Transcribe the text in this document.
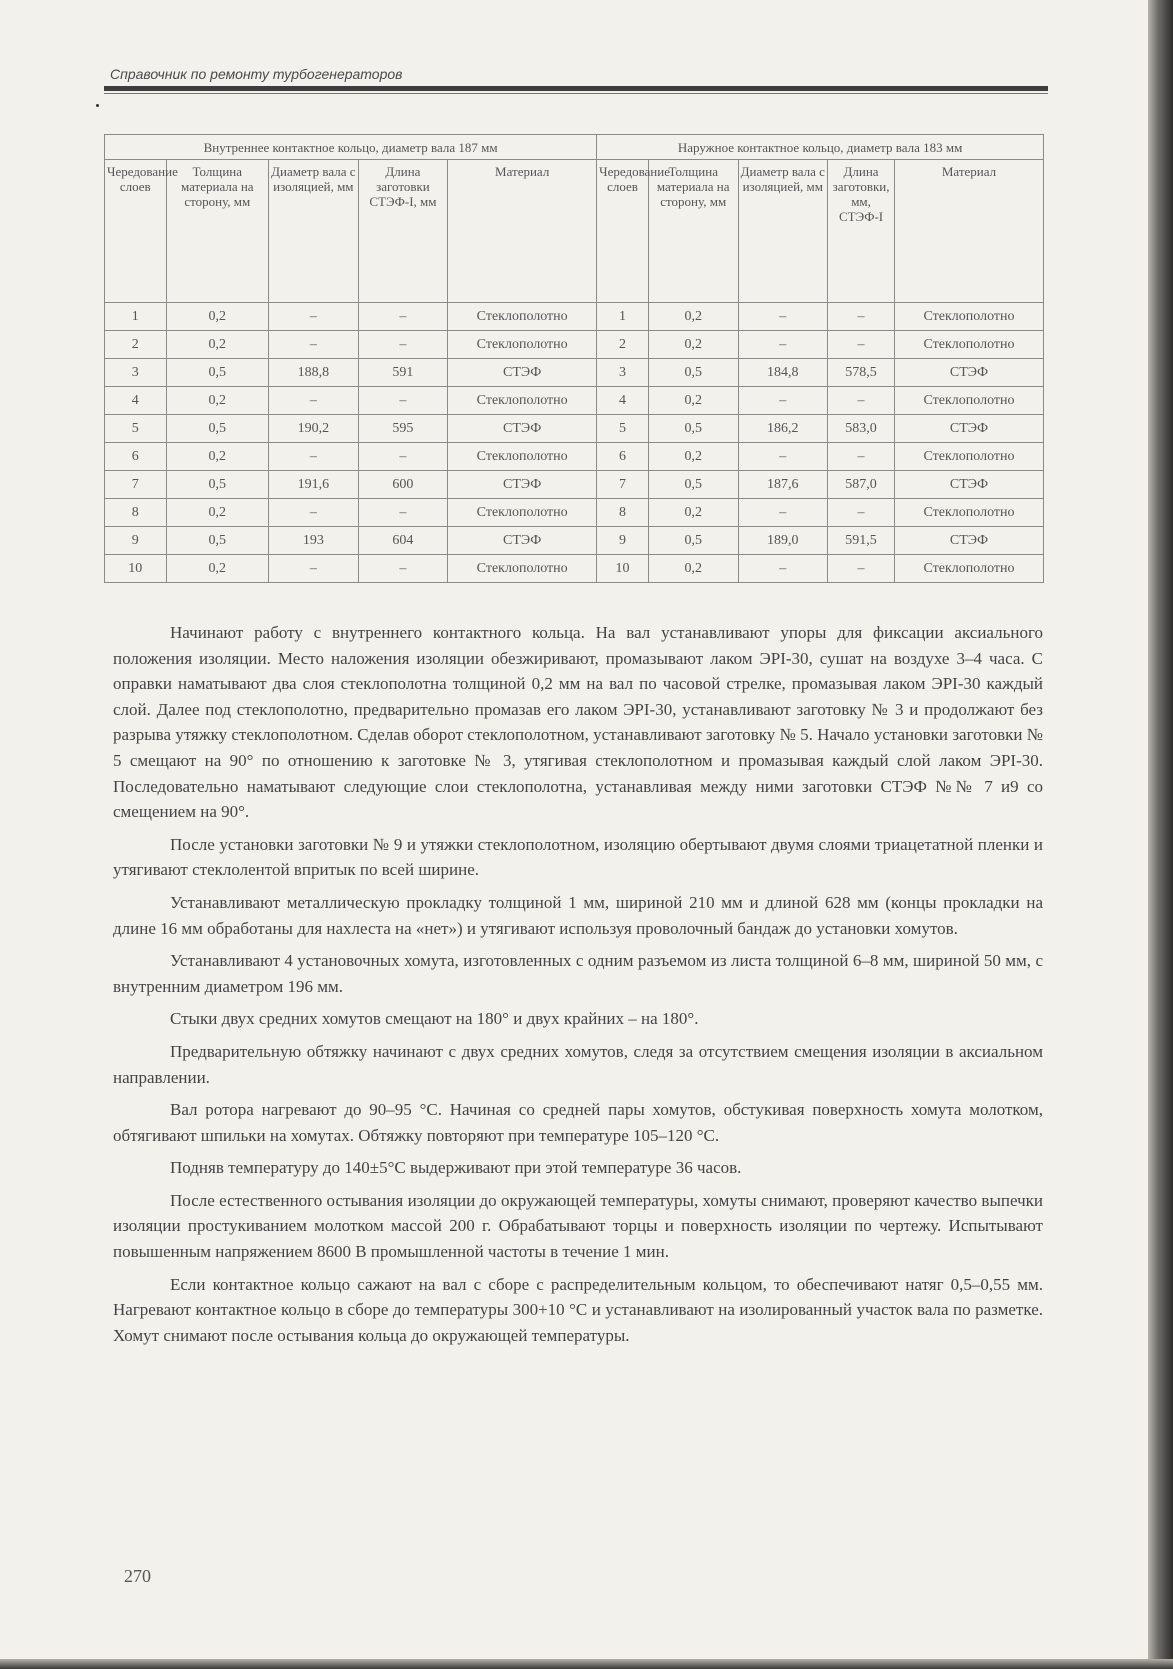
Справочник по ремонту турбогенераторов
Внутреннее контактное кольцо, диаметр вала 187 мм					Наружное контактное кольцо, диаметр вала 183 мм				
Чередование слоев	Толщина материала на сторону, мм	Диаметр вала с изоляцией, мм	Длина заготовки СТЭФ-I, мм	Материал	Чередование слоев	Толщина материала на сторону, мм	Диаметр вала с изоляцией, мм	Длина заготовки, мм, СТЭФ-I	Материал
1	0,2	–	–	Стеклополотно	1	0,2	–	–	Стеклополотно
2	0,2	–	–	Стеклополотно	2	0,2	–	–	Стеклополотно
3	0,5	188,8	591	СТЭФ	3	0,5	184,8	578,5	СТЭФ
4	0,2	–	–	Стеклополотно	4	0,2	–	–	Стеклополотно
5	0,5	190,2	595	СТЭФ	5	0,5	186,2	583,0	СТЭФ
6	0,2	–	–	Стеклополотно	6	0,2	–	–	Стеклополотно
7	0,5	191,6	600	СТЭФ	7	0,5	187,6	587,0	СТЭФ
8	0,2	–	–	Стеклополотно	8	0,2	–	–	Стеклополотно
9	0,5	193	604	СТЭФ	9	0,5	189,0	591,5	СТЭФ
10	0,2	–	–	Стеклополотно	10	0,2	–	–	Стеклополотно

Начинают работу с внутреннего контактного кольца. На вал устанавливают упоры для фиксации аксиального положения изоляции. Место наложения изоляции обезжиривают, промазывают лаком ЭРI-30, сушат на воздухе 3–4 часа. С оправки наматывают два слоя стеклополотна толщиной 0,2 мм на вал по часовой стрелке, промазывая лаком ЭРI-30 каждый слой. Далее под стеклополотно, предварительно промазав его лаком ЭРI-30, устанавливают заготовку № 3 и продолжают без разрыва утяжку стеклополотном. Сделав оборот стеклополотном, устанавливают заготовку № 5. Начало установки заготовки № 5 смещают на 90° по отношению к заготовке № 3, утягивая стеклополотном и промазывая каждый слой лаком ЭРI-30. Последовательно наматывают следующие слои стеклополотна, устанавливая между ними заготовки СТЭФ №№ 7 и9 со смещением на 90°.

После установки заготовки № 9 и утяжки стеклополотном, изоляцию обертывают двумя слоями триацетатной пленки и утягивают стеклолентой впритык по всей ширине.

Устанавливают металлическую прокладку толщиной 1 мм, шириной 210 мм и длиной 628 мм (концы прокладки на длине 16 мм обработаны для нахлеста на «нет») и утягивают используя проволочный бандаж до установки хомутов.

Устанавливают 4 установочных хомута, изготовленных с одним разъемом из листа толщиной 6–8 мм, шириной 50 мм, с внутренним диаметром 196 мм.

Стыки двух средних хомутов смещают на 180° и двух крайних – на 180°.

Предварительную обтяжку начинают с двух средних хомутов, следя за отсутствием смещения изоляции в аксиальном направлении.

Вал ротора нагревают до 90–95 °С. Начиная со средней пары хомутов, обстукивая поверхность хомута молотком, обтягивают шпильки на хомутах. Обтяжку повторяют при температуре 105–120 °С.

Подняв температуру до 140±5°С выдерживают при этой температуре 36 часов.

После естественного остывания изоляции до окружающей температуры, хомуты снимают, проверяют качество выпечки изоляции простукиванием молотком массой 200 г. Обрабатывают торцы и поверхность изоляции по чертежу. Испытывают повышенным напряжением 8600 В промышленной частоты в течение 1 мин.

Если контактное кольцо сажают на вал с сборе с распределительным кольцом, то обеспечивают натяг 0,5–0,55 мм. Нагревают контактное кольцо в сборе до температуры 300+10 °С и устанавливают на изолированный участок вала по разметке. Хомут снимают после остывания кольца до окружающей температуры.

270
